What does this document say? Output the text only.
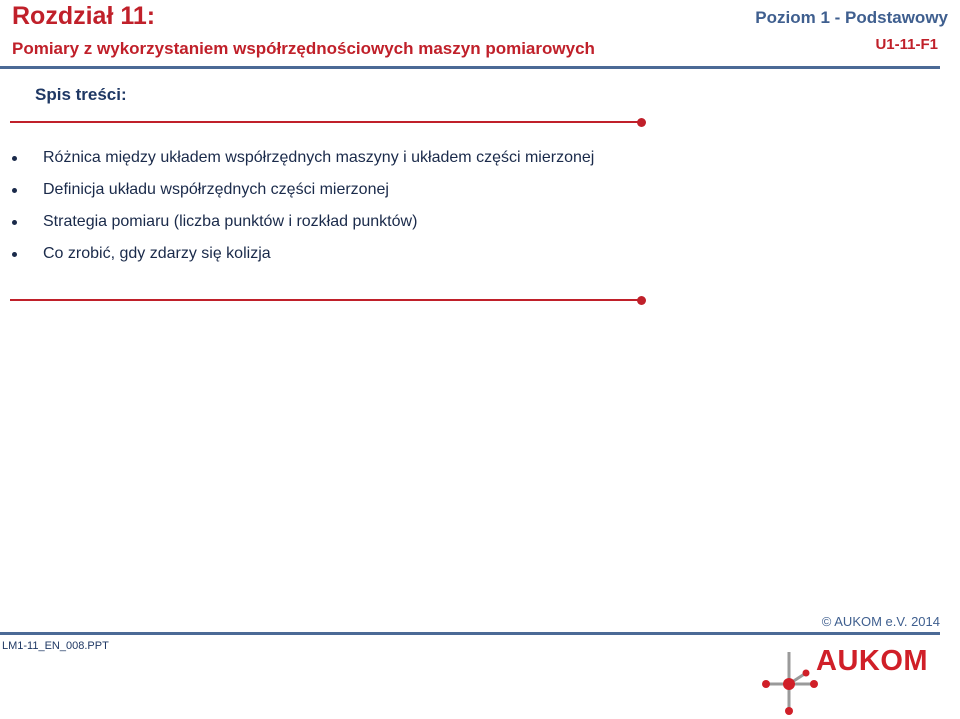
Rozdział 11:
Pomiary z wykorzystaniem współrzędnościowych maszyn pomiarowych
Poziom 1 - Podstawowy
U1-11-F1
Spis treści:
Różnica między układem współrzędnych maszyny i układem części mierzonej
Definicja układu współrzędnych części mierzonej
Strategia pomiaru (liczba punktów i rozkład punktów)
Co zrobić, gdy zdarzy się kolizja
© AUKOM e.V. 2014
LM1-11_EN_008.PPT	AUKOM
